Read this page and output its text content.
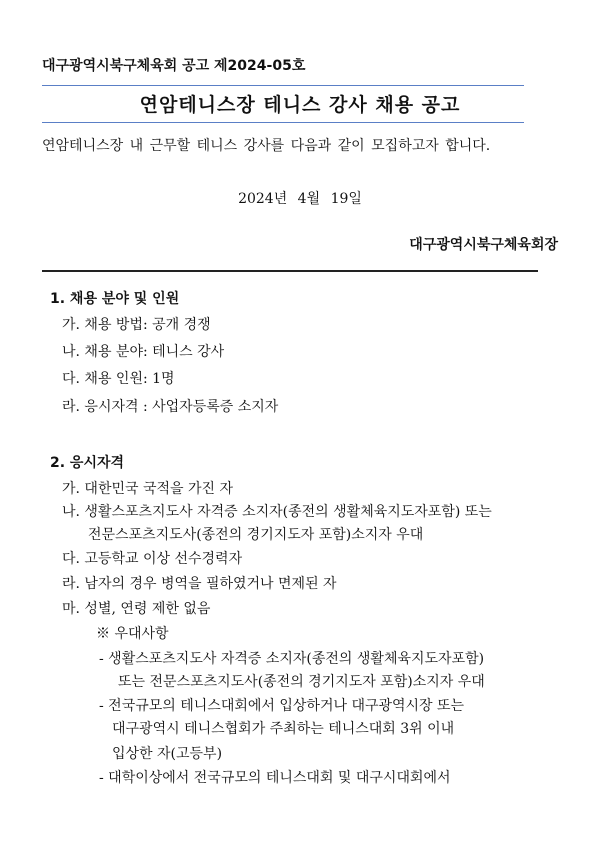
대구광역시북구체육회 공고 제2024-05호
연암테니스장 테니스 강사 채용 공고
연암테니스장 내 근무할 테니스 강사를 다음과 같이 모집하고자 합니다.
2024년 4월 19일
대구광역시북구체육회장
1. 채용 분야 및 인원
가. 채용 방법: 공개 경쟁
나. 채용 분야: 테니스 강사
다. 채용 인원: 1명
라. 응시자격 : 사업자등록증 소지자
2. 응시자격
가. 대한민국 국적을 가진 자
나. 생활스포츠지도사 자격증 소지자(종전의 생활체육지도자포함) 또는
전문스포츠지도사(종전의 경기지도자 포함)소지자 우대
다. 고등학교 이상 선수경력자
라. 남자의 경우 병역을 필하였거나 면제된 자
마. 성별, 연령 제한 없음
※ 우대사항
- 생활스포츠지도사 자격증 소지자(종전의 생활체육지도자포함)
또는 전문스포츠지도사(종전의 경기지도자 포함)소지자 우대
- 전국규모의 테니스대회에서 입상하거나 대구광역시장 또는
대구광역시 테니스협회가 주최하는 테니스대회 3위 이내
입상한 자(고등부)
- 대학이상에서 전국규모의 테니스대회 및 대구시대회에서
